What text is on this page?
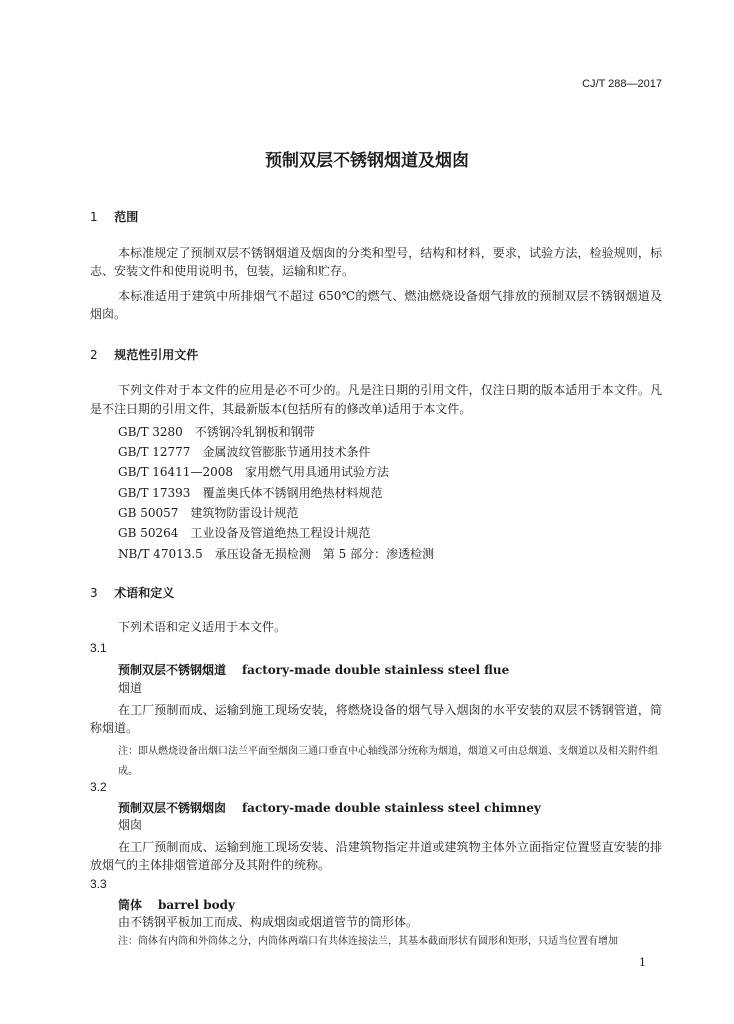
CJ/T 288—2017
预制双层不锈钢烟道及烟囱
1 范围
本标准规定了预制双层不锈钢烟道及烟囱的分类和型号，结构和材料，要求，试验方法，检验规则，标志、安装文件和使用说明书，包装，运输和贮存。
本标准适用于建筑中所排烟气不超过 650℃的燃气、燃油燃烧设备烟气排放的预制双层不锈钢烟道及烟囱。
2 规范性引用文件
下列文件对于本文件的应用是必不可少的。凡是注日期的引用文件，仅注日期的版本适用于本文件。凡是不注日期的引用文件，其最新版本(包括所有的修改单)适用于本文件。
GB/T 3280　不锈钢冷轧钢板和钢带
GB/T 12777　金属波纹管膨胀节通用技术条件
GB/T 16411—2008　家用燃气用具通用试验方法
GB/T 17393　覆盖奥氏体不锈钢用绝热材料规范
GB 50057　建筑物防雷设计规范
GB 50264　工业设备及管道绝热工程设计规范
NB/T 47013.5　承压设备无损检测　第 5 部分：渗透检测
3 术语和定义
下列术语和定义适用于本文件。
3.1
预制双层不锈钢烟道 factory-made double stainless steel flue
烟道
在工厂预制而成、运输到施工现场安装，将燃烧设备的烟气导入烟囱的水平安装的双层不锈钢管道，简称烟道。
注：即从燃烧设备出烟口法兰平面至烟囱三通口垂直中心轴线部分统称为烟道，烟道又可由总烟道、支烟道以及相关附件组成。
3.2
预制双层不锈钢烟囱 factory-made double stainless steel chimney
烟囱
在工厂预制而成、运输到施工现场安装、沿建筑物指定井道或建筑物主体外立面指定位置竖直安装的排放烟气的主体排烟管道部分及其附件的统称。
3.3
筒体 barrel body
由不锈钢平板加工而成、构成烟囱或烟道管节的筒形体。
注：筒体有内筒和外筒体之分，内筒体两端口有共体连接法兰，其基本截面形状有圆形和矩形，只适当位置有增加
1
